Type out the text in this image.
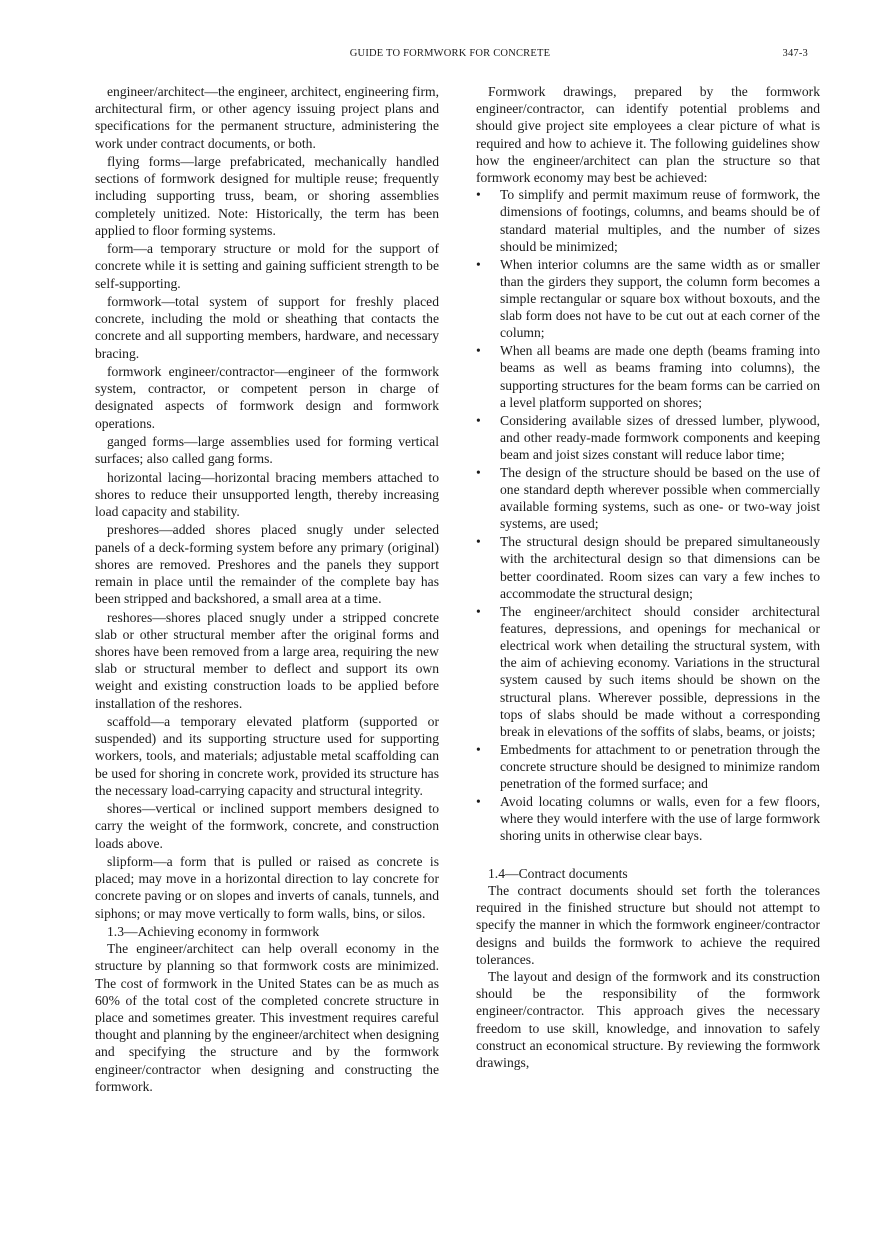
GUIDE TO FORMWORK FOR CONCRETE	347-3

engineer/architect—the engineer, architect, engineering firm, architectural firm, or other agency issuing project plans and specifications for the permanent structure, administering the work under contract documents, or both.

flying forms—large prefabricated, mechanically handled sections of formwork designed for multiple reuse; frequently including supporting truss, beam, or shoring assemblies completely unitized. Note: Historically, the term has been applied to floor forming systems.

form—a temporary structure or mold for the support of concrete while it is setting and gaining sufficient strength to be self-supporting.

formwork—total system of support for freshly placed concrete, including the mold or sheathing that contacts the concrete and all supporting members, hardware, and necessary bracing.

formwork engineer/contractor—engineer of the formwork system, contractor, or competent person in charge of designated aspects of formwork design and formwork operations.

ganged forms—large assemblies used for forming vertical surfaces; also called gang forms.

horizontal lacing—horizontal bracing members attached to shores to reduce their unsupported length, thereby increasing load capacity and stability.

preshores—added shores placed snugly under selected panels of a deck-forming system before any primary (original) shores are removed. Preshores and the panels they support remain in place until the remainder of the complete bay has been stripped and backshored, a small area at a time.

reshores—shores placed snugly under a stripped concrete slab or other structural member after the original forms and shores have been removed from a large area, requiring the new slab or structural member to deflect and support its own weight and existing construction loads to be applied before installation of the reshores.

scaffold—a temporary elevated platform (supported or suspended) and its supporting structure used for supporting workers, tools, and materials; adjustable metal scaffolding can be used for shoring in concrete work, provided its structure has the necessary load-carrying capacity and structural integrity.

shores—vertical or inclined support members designed to carry the weight of the formwork, concrete, and construction loads above.

slipform—a form that is pulled or raised as concrete is placed; may move in a horizontal direction to lay concrete for concrete paving or on slopes and inverts of canals, tunnels, and siphons; or may move vertically to form walls, bins, or silos.

1.3—Achieving economy in formwork

The engineer/architect can help overall economy in the structure by planning so that formwork costs are minimized. The cost of formwork in the United States can be as much as 60% of the total cost of the completed concrete structure in place and sometimes greater. This investment requires careful thought and planning by the engineer/architect when designing and specifying the structure and by the formwork engineer/contractor when designing and constructing the formwork.

Formwork drawings, prepared by the formwork engineer/contractor, can identify potential problems and should give project site employees a clear picture of what is required and how to achieve it. The following guidelines show how the engineer/architect can plan the structure so that formwork economy may best be achieved:

• To simplify and permit maximum reuse of formwork, the dimensions of footings, columns, and beams should be of standard material multiples, and the number of sizes should be minimized;
• When interior columns are the same width as or smaller than the girders they support, the column form becomes a simple rectangular or square box without boxouts, and the slab form does not have to be cut out at each corner of the column;
• When all beams are made one depth (beams framing into beams as well as beams framing into columns), the supporting structures for the beam forms can be carried on a level platform supported on shores;
• Considering available sizes of dressed lumber, plywood, and other ready-made formwork components and keeping beam and joist sizes constant will reduce labor time;
• The design of the structure should be based on the use of one standard depth wherever possible when commercially available forming systems, such as one- or two-way joist systems, are used;
• The structural design should be prepared simultaneously with the architectural design so that dimensions can be better coordinated. Room sizes can vary a few inches to accommodate the structural design;
• The engineer/architect should consider architectural features, depressions, and openings for mechanical or electrical work when detailing the structural system, with the aim of achieving economy. Variations in the structural system caused by such items should be shown on the structural plans. Wherever possible, depressions in the tops of slabs should be made without a corresponding break in elevations of the soffits of slabs, beams, or joists;
• Embedments for attachment to or penetration through the concrete structure should be designed to minimize random penetration of the formed surface; and
• Avoid locating columns or walls, even for a few floors, where they would interfere with the use of large formwork shoring units in otherwise clear bays.

1.4—Contract documents

The contract documents should set forth the tolerances required in the finished structure but should not attempt to specify the manner in which the formwork engineer/contractor designs and builds the formwork to achieve the required tolerances.

The layout and design of the formwork and its construction should be the responsibility of the formwork engineer/contractor. This approach gives the necessary freedom to use skill, knowledge, and innovation to safely construct an economical structure. By reviewing the formwork drawings,
